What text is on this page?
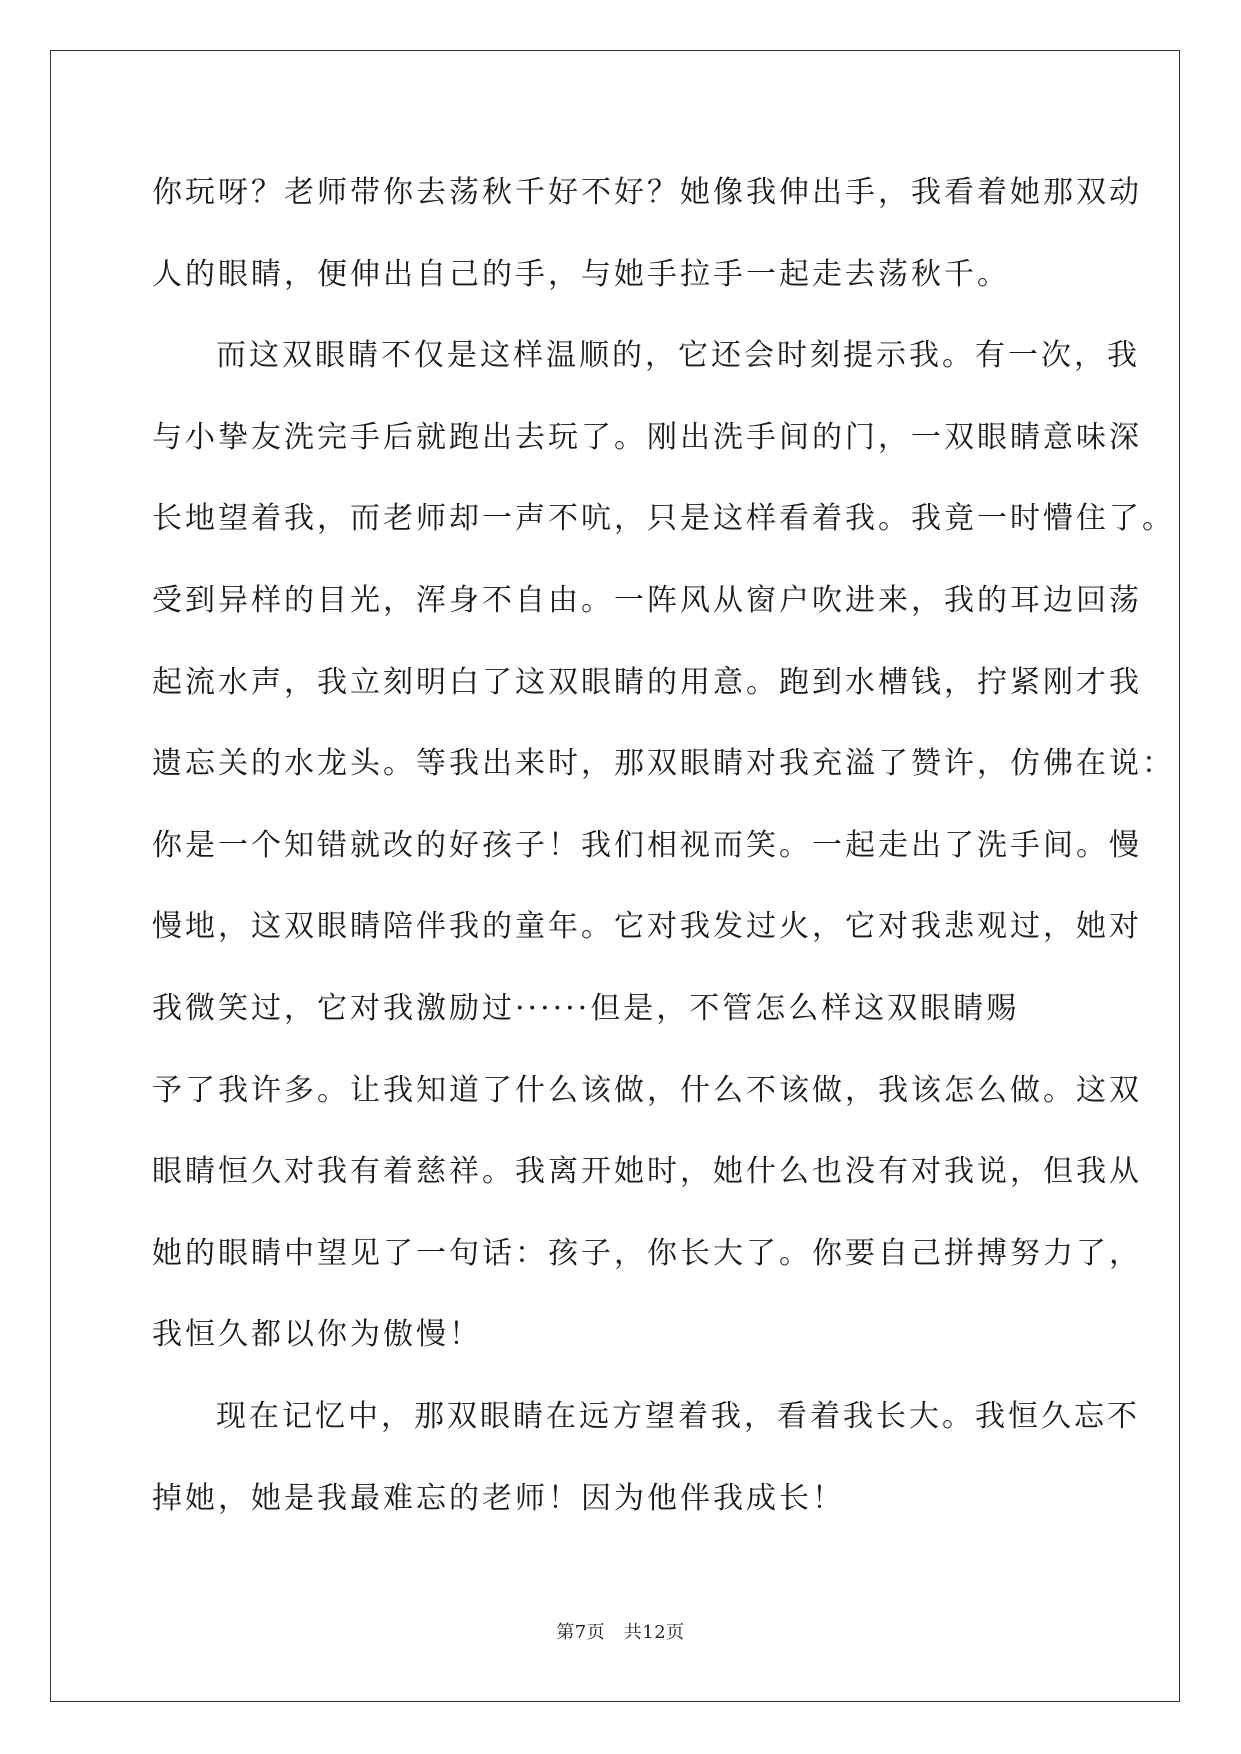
你玩呀？老师带你去荡秋千好不好？她像我伸出手，我看着她那双动
人的眼睛，便伸出自己的手，与她手拉手一起走去荡秋千。
而这双眼睛不仅是这样温顺的，它还会时刻提示我。有一次，我
与小挚友洗完手后就跑出去玩了。刚出洗手间的门，一双眼睛意味深
长地望着我，而老师却一声不吭，只是这样看着我。我竟一时懵住了。
受到异样的目光，浑身不自由。一阵风从窗户吹进来，我的耳边回荡
起流水声，我立刻明白了这双眼睛的用意。跑到水槽钱，拧紧刚才我
遗忘关的水龙头。等我出来时，那双眼睛对我充溢了赞许，仿佛在说：
你是一个知错就改的好孩子！我们相视而笑。一起走出了洗手间。慢
慢地，这双眼睛陪伴我的童年。它对我发过火，它对我悲观过，她对
我微笑过，它对我激励过······但是，不管怎么样这双眼睛赐
予了我许多。让我知道了什么该做，什么不该做，我该怎么做。这双
眼睛恒久对我有着慈祥。我离开她时，她什么也没有对我说，但我从
她的眼睛中望见了一句话：孩子，你长大了。你要自己拼搏努力了，
我恒久都以你为傲慢！
现在记忆中，那双眼睛在远方望着我，看着我长大。我恒久忘不
掉她，她是我最难忘的老师！因为他伴我成长！
第7页　共12页
